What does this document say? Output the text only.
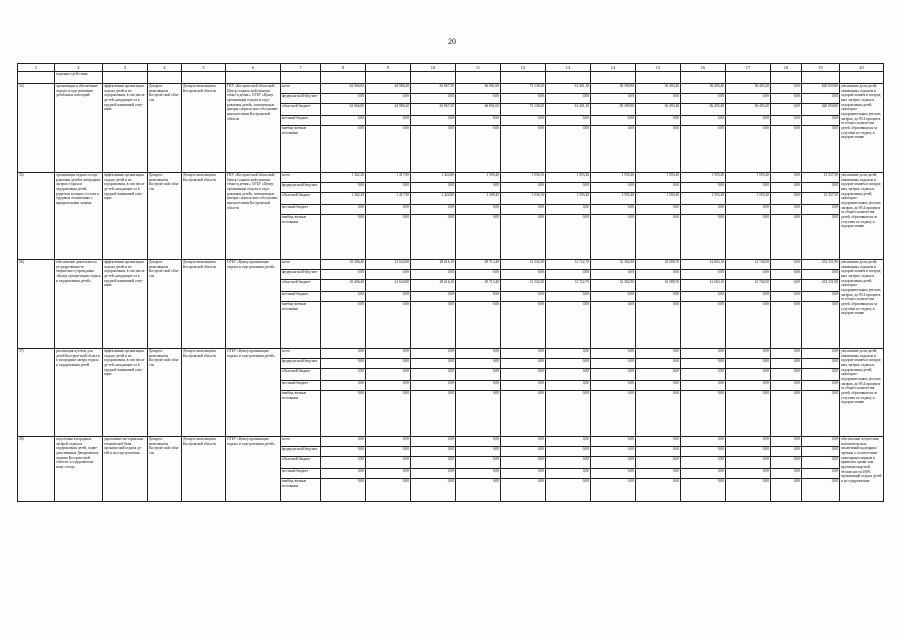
20
1	2	3	4	5	6	7	8	9	10	11	12	13	14	15	16	17	18	19	20
	годичного дей-ствия																		
34)	организация и обеспечение отдыха и оздо-ровления детей иных категорий	эффективная организация отдыха детей и их оздоровления, в том числе де-тей, находящих-ся в трудной жизненной ситу-ации	Департа-ментзащиты Костром-ской обла-сти	Департа-ментзащиты Костромской области	ГКУ «Костром-ской областной Центр социаль-ной помощи семье и детям», ОГБУ «Центр организации отдыха и оздо-ровления детей», комплексные центры социаль-ного обслужива-ния населения Костромской области	всего	62 066,00	62 986,20	65 867,50	66 801,60	73 138,20	61 401,10	58 309,90	56 493,40	56 493,40	56 493,40	0,00	620 050,80	увеличение доли детей, охваченных отдыхом и оздоров-лением в загород-ных лагерях отдыха и оздоровления детей, санаторно-оздоровительных детских лагерях, до 85,4 процента от общего количества детей, обратившихся за услугами по отдыху и оздоров-лению
						федераль-ный бюд-жет	0,00	0,00	0,00	0,00	0,00	0,00	0,00	0,00	0,00	0,00	0,00	0,00	
						областной бюджет	62 066,00	62 986,20	65 867,50	66 801,60	73 138,20	61 401,10	58 309,90	56 493,40	56 493,40	56 493,40	0,00	620 050,80	
						местный бюджет	0,00	0,00	0,00	0,00	0,00	0,00	0,00	0,00	0,00	0,00	0,00	0,00	
						внебюд-жетные источники	0,00	0,00	0,00	0,00	0,00	0,00	0,00	0,00	0,00	0,00	0,00	0,00	
35)	организация отдыха и оздо-ровления детей в загородных лагерях отдыха и оздоровления детей, родители которых состоят в трудовых отношениях с юридическими лицами	эффективная организация отдыха детей и их оздоровления, в том числе де-тей, находящих-ся в трудной жизненной ситу-ации	Департа-ментзащиты Костром-ской обла-сти	Департа-ментзащиты Костромской области	ГКУ «Костром-ской областной Центр социаль-ной помощи семье и детям», ОГБУ «Центр организации отдыха и оздо-ровления детей», комплексные центры социаль-ного обслужива-ния населения Костромской области	всего	1 362,30	1 417,90	1 424,80	1 509,40	1 536,10	1 593,40	1 593,40	1 593,40	1 593,40	1 593,40	0,00	15 237,50	увеличение доли детей, охваченных отдыхом и оздоров-лением в загород-ных лагерях отдыха и оздоровления детей, санаторно-оздоровительных детских лагерях, до 85,4 процента от общего количества детей, обратившихся за услугами по отдыху и оздоров-лению
						федераль-ный бюд-жет	0,00	0,00	0,00	0,00	0,00	0,00	0,00	0,00	0,00	0,00	0,00	0,00	
						областной бюджет	1 362,30	1 417,90	1 424,80	1 509,40	1 536,10	1 593,40	1 593,40	1 593,40	1 593,40	1 593,40	0,00	15 237,50	
						местный бюджет	0,00	0,00	0,00	0,00	0,00	0,00	0,00	0,00	0,00	0,00	0,00	0,00	
						внебюд-жетные источники	0,00	0,00	0,00	0,00	0,00	0,00	0,00	0,00	0,00	0,00	0,00	0,00	
36)	обеспечение деятельности государственно-го бюджетного учреждения «Центр органи-зации отдыха и оздоровления детей»	эффективная организация отдыха детей и их оздоровления, в том числе де-тей, находящих-ся в трудной жизненной ситу-ации	Департа-ментзащиты Костром-ской обла-сти	Департа-ментзащиты Костромской области	ОГБУ «Центр организации отдыха и оздо-ровления детей»	всего	35 206,40	21 643,80	28 616,10	29 713,40	31 334,30	31 722,70	32 302,90	16 588,70	12 663,10	12 740,50	0,00	252 531,90	увеличение доли детей, охваченных отдыхом и оздоров-лением в загород-ных лагерях отдыха и оздоровления детей, санаторно-оздоровительных детских лагерях, до 85,4 процента от общего количества детей, обратившихся за услугами по отдыху и оздоров-лению
						федераль-ный бюд-жет	0,00	0,00	0,00	0,00	0,00	0,00	0,00	0,00	0,00	0,00	0,00	0,00	
						областной бюджет	35 206,40	21 643,80	28 616,10	29 713,40	31 334,30	31 722,70	32 302,90	16 588,70	12 663,10	12 740,50	0,00	252 531,90	
						местный бюджет	0,00	0,00	0,00	0,00	0,00	0,00	0,00	0,00	0,00	0,00	0,00	0,00	
						внебюд-жетные источники	0,00	0,00	0,00	0,00	0,00	0,00	0,00	0,00	0,00	0,00	0,00	0,00	
37)	реализация путевок для детей Костром-ской области в загородные лагеря отдыха и оздоровления детей	эффективная организация отдыха детей и их оздоровления, в том числе де-тей, находящих-ся в трудной жизненной ситу-ации	Департа-ментзащиты Костром-ской обла-сти	Департа-ментзащиты Костромской области	ОГБУ «Центр организации отдыха и оздо-ровления детей»	всего	0,00	0,00	0,00	0,00	0,00	0,00	0,00	0,00	0,00	0,00	0,00	0,00	увеличение доли детей, охваченных отдыхом и оздоров-лением в загород-ных лагерях отдыха и оздоровления детей, санаторно-оздоровительных детских лагерях, до 85,4 процента от общего количества детей, обратившихся за услугами по отдыху и оздоров-лению
						федераль-ный бюд-жет	0,00	0,00	0,00	0,00	0,00	0,00	0,00	0,00	0,00	0,00	0,00	0,00	
						областной бюджет	0,00	0,00	0,00	0,00	0,00	0,00	0,00	0,00	0,00	0,00	0,00	0,00	
						местный бюджет	0,00	0,00	0,00	0,00	0,00	0,00	0,00	0,00	0,00	0,00	0,00	0,00	
						внебюд-жетные источники	0,00	0,00	0,00	0,00	0,00	0,00	0,00	0,00	0,00	0,00	0,00	0,00	
38)	подготовка загородных лагерей отдыха и оздоровления детей, подве-домственных Департаменту защиты Костром-ской области, к оздоровитель-ному сезону	укрепление ма-териально-технической базы организа-ций отдыха де-тей и их оздо-ровления	Департа-ментзащиты Костром-ской обла-сти	Департа-ментзащиты Костромской области	ОГБУ «Центр организации отдыха и оздо-ровления детей»	всего	0,00	0,00	0,00	0,00	0,00	0,00	0,00	0,00	0,00	0,00	0,00	0,00	обеспечение получе-ния положитель-ных заключений надзорных органов о соответствии санитарным нормам и правилам, прави-лам противопожар-ной безопасности 100% организаций отдыха детей и их оздоровления
						федераль-ный бюд-жет	0,00	0,00	0,00	0,00	0,00	0,00	0,00	0,00	0,00	0,00	0,00	0,00	
						областной бюджет	0,00	0,00	0,00	0,00	0,00	0,00	0,00	0,00	0,00	0,00	0,00	0,00	
						местный бюджет	0,00	0,00	0,00	0,00	0,00	0,00	0,00	0,00	0,00	0,00	0,00	0,00	
						внебюд-жетные источники	0,00	0,00	0,00	0,00	0,00	0,00	0,00	0,00	0,00	0,00	0,00	0,00	
